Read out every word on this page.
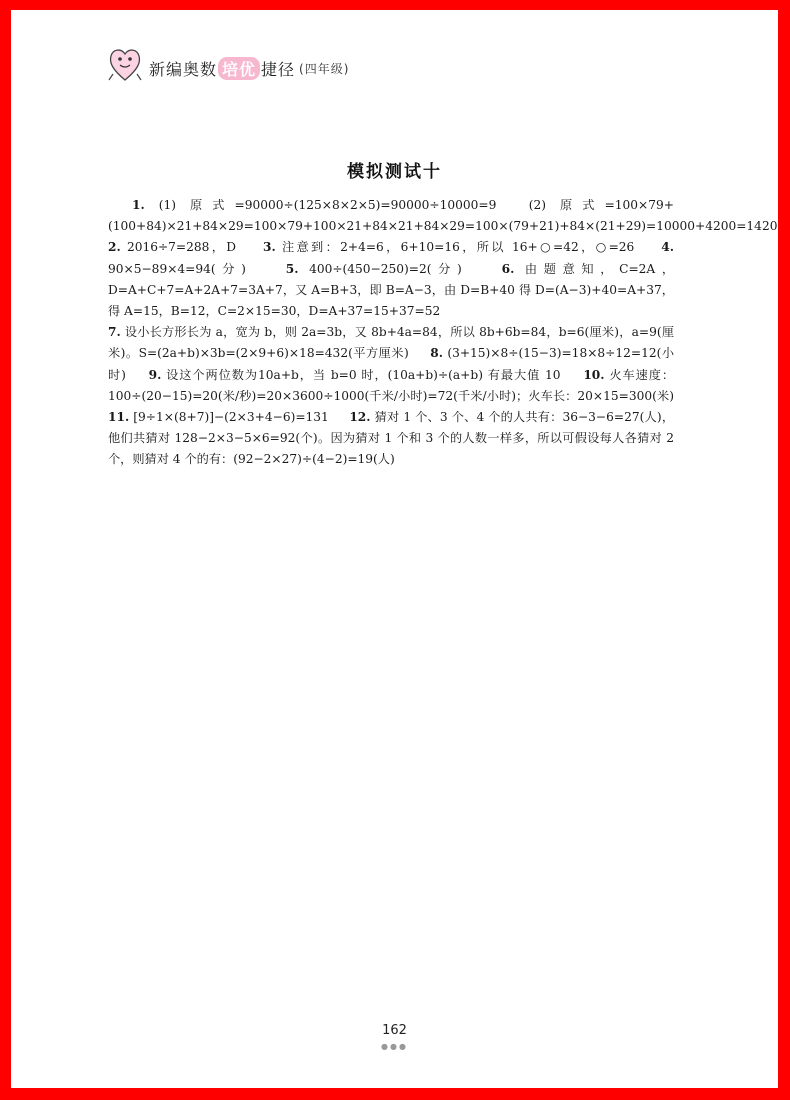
新编奥数 培优 捷径 (四年级)
模拟测试十

1. (1) 原式=90000÷(125×8×2×5)=90000÷10000=9　(2) 原式=100×79+(100+84)×21+84×29=100×79+100×21+84×21+84×29=100×(79+21)+84×(21+29)=10000+4200=14200 　 2. 2016÷7=288，D 　 3. 注意到：2+4=6，6+10=16，所以 16+○=42，○=26 　 4. 90×5−89×4=94(分) 　	5. 400÷(450−250)=2(分) 　	6. 由题意知，C=2A，D=A+C+7=A+2A+7=3A+7，又 A=B+3，即 B=A−3，由 D=B+40 得 D=(A−3)+40=A+37，得 A=15，B=12，C=2×15=30，D=A+37=15+37=52

7. 设小长方形长为 a，宽为 b，则 2a=3b，又 8b+4a=84，所以 8b+6b=84，b=6(厘米)，a=9(厘米)。S=(2a+b)×3b=(2×9+6)×18=432(平方厘米) 　 8. (3+15)×8÷(15−3)=18×8÷12=12(小时) 　 9. 设这个两位数为10a+b，当 b=0 时，(10a+b)÷(a+b) 有最大值 10 　 10. 火车速度：100÷(20−15)=20(米/秒)=20×3600÷1000(千米/小时)=72(千米/小时)；火车长：20×15=300(米) 　 11. [9÷1×(8+7)]−(2×3+4−6)=131 　 12. 猜对 1 个、3 个、4 个的人共有：36−3−6=27(人)，他们共猜对 128−2×3−5×6=92(个)。因为猜对 1 个和 3 个的人数一样多，所以可假设每人各猜对 2 个，则猜对 4 个的有：(92−2×27)÷(4−2)=19(人)

162
●●●
